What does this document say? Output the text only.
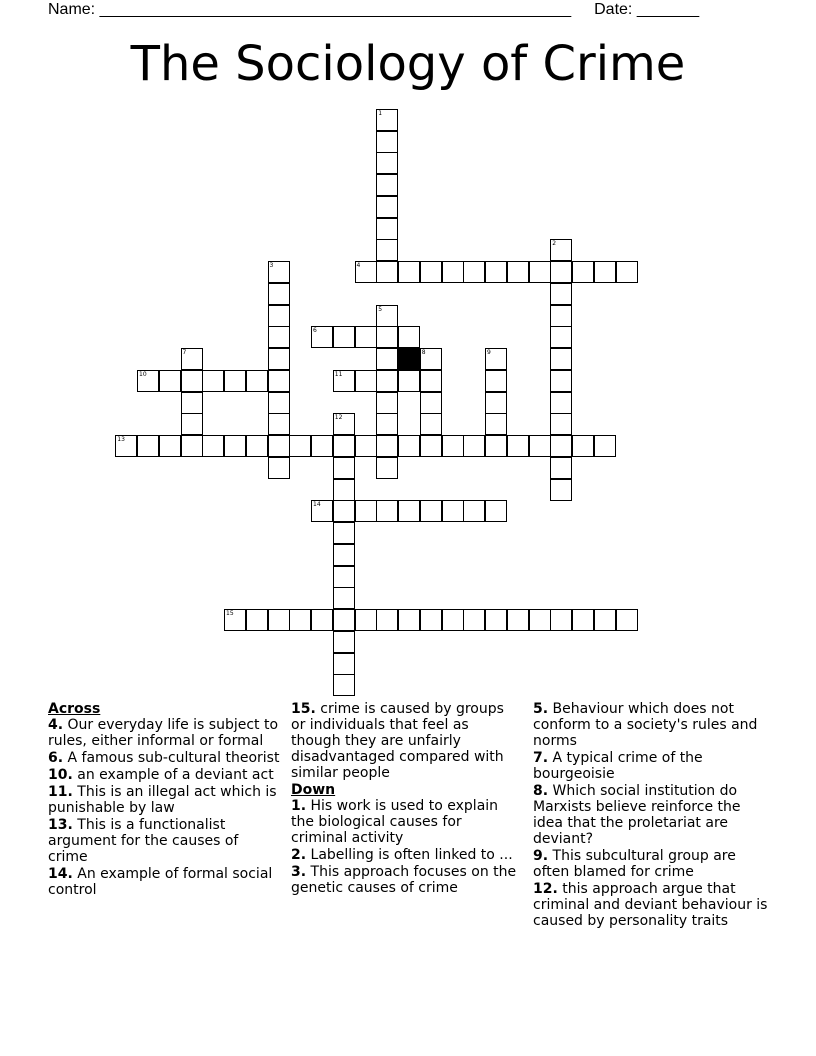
Name: _____________________________________________________ Date: _______
The Sociology of Crime
1
2
3	4
5
6
7	8	9
10	11
12
13
14
15
Across
4. Our everyday life is subject to rules, either informal or formal
6. A famous sub-cultural theorist
10. an example of a deviant act
11. This is an illegal act which is punishable by law
13. This is a functionalist argument for the causes of crime
14. An example of formal social control
15. crime is caused by groups or individuals that feel as though they are unfairly disadvantaged compared with similar people
Down
1. His work is used to explain the biological causes for criminal activity
2. Labelling is often linked to ...
3. This approach focuses on the genetic causes of crime
5. Behaviour which does not conform to a society's rules and norms
7. A typical crime of the bourgeoisie
8. Which social institution do Marxists believe reinforce the idea that the proletariat are deviant?
9. This subcultural group are often blamed for crime
12. this approach argue that criminal and deviant behaviour is caused by personality traits
